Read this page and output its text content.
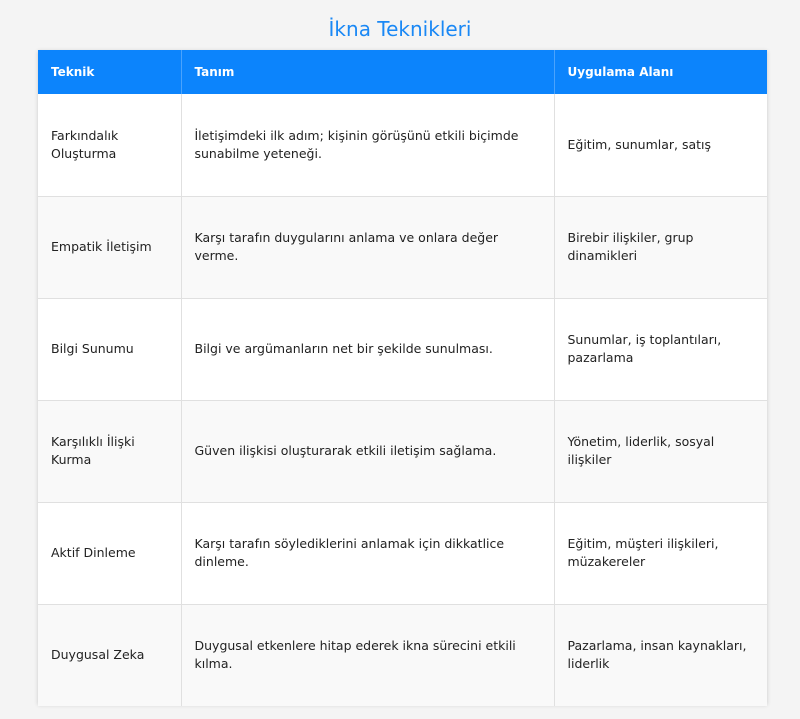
İkna Teknikleri
Teknik	Tanım	Uygulama Alanı
Farkındalık Oluşturma	İletişimdeki ilk adım; kişinin görüşünü etkili biçimde sunabilme yeteneği.	Eğitim, sunumlar, satış
Empatik İletişim	Karşı tarafın duygularını anlama ve onlara değer verme.	Birebir ilişkiler, grup dinamikleri
Bilgi Sunumu	Bilgi ve argümanların net bir şekilde sunulması.	Sunumlar, iş toplantıları, pazarlama
Karşılıklı İlişki Kurma	Güven ilişkisi oluşturarak etkili iletişim sağlama.	Yönetim, liderlik, sosyal ilişkiler
Aktif Dinleme	Karşı tarafın söylediklerini anlamak için dikkatlice dinleme.	Eğitim, müşteri ilişkileri, müzakereler
Duygusal Zeka	Duygusal etkenlere hitap ederek ikna sürecini etkili kılma.	Pazarlama, insan kaynakları, liderlik
